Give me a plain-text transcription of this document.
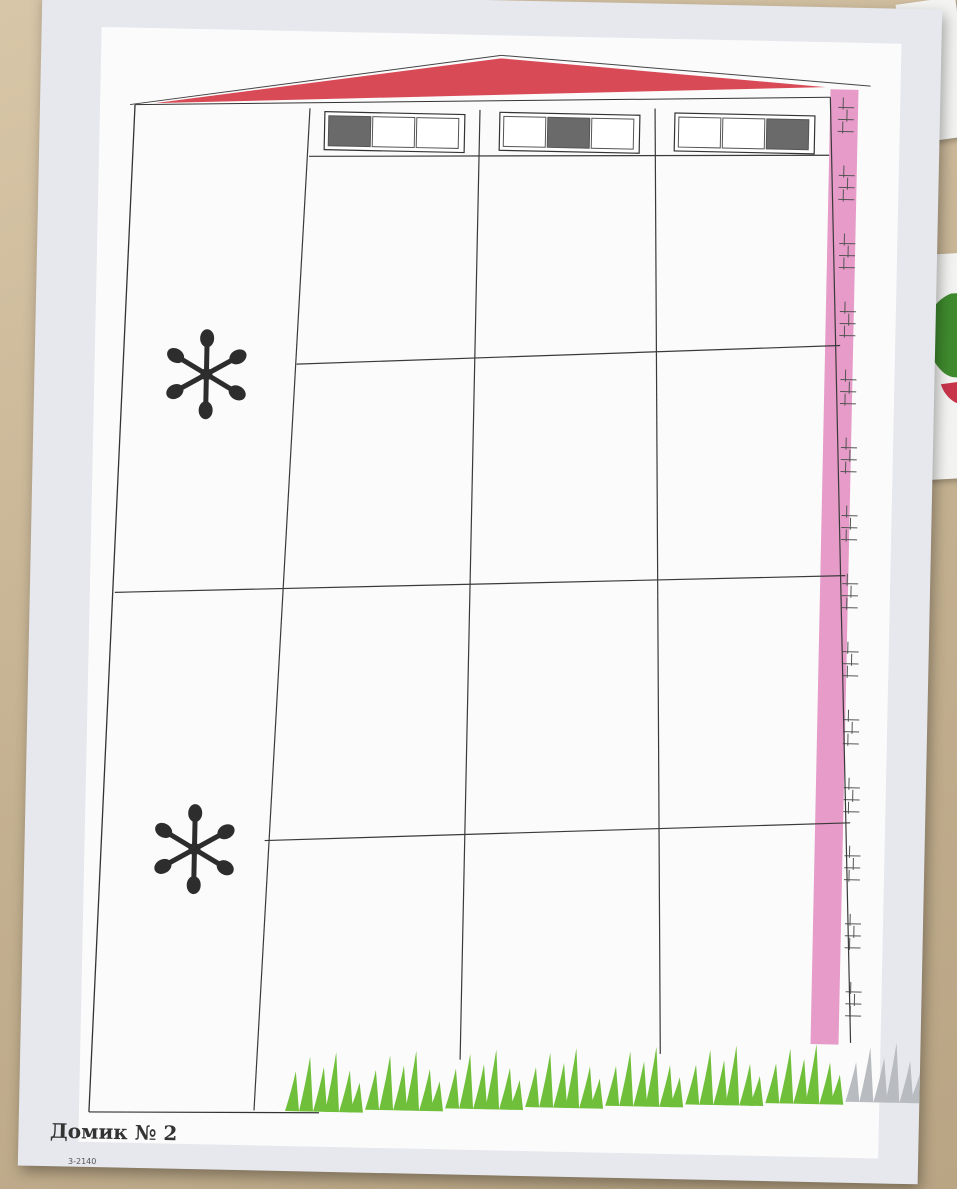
Домик № 2
3-2140
